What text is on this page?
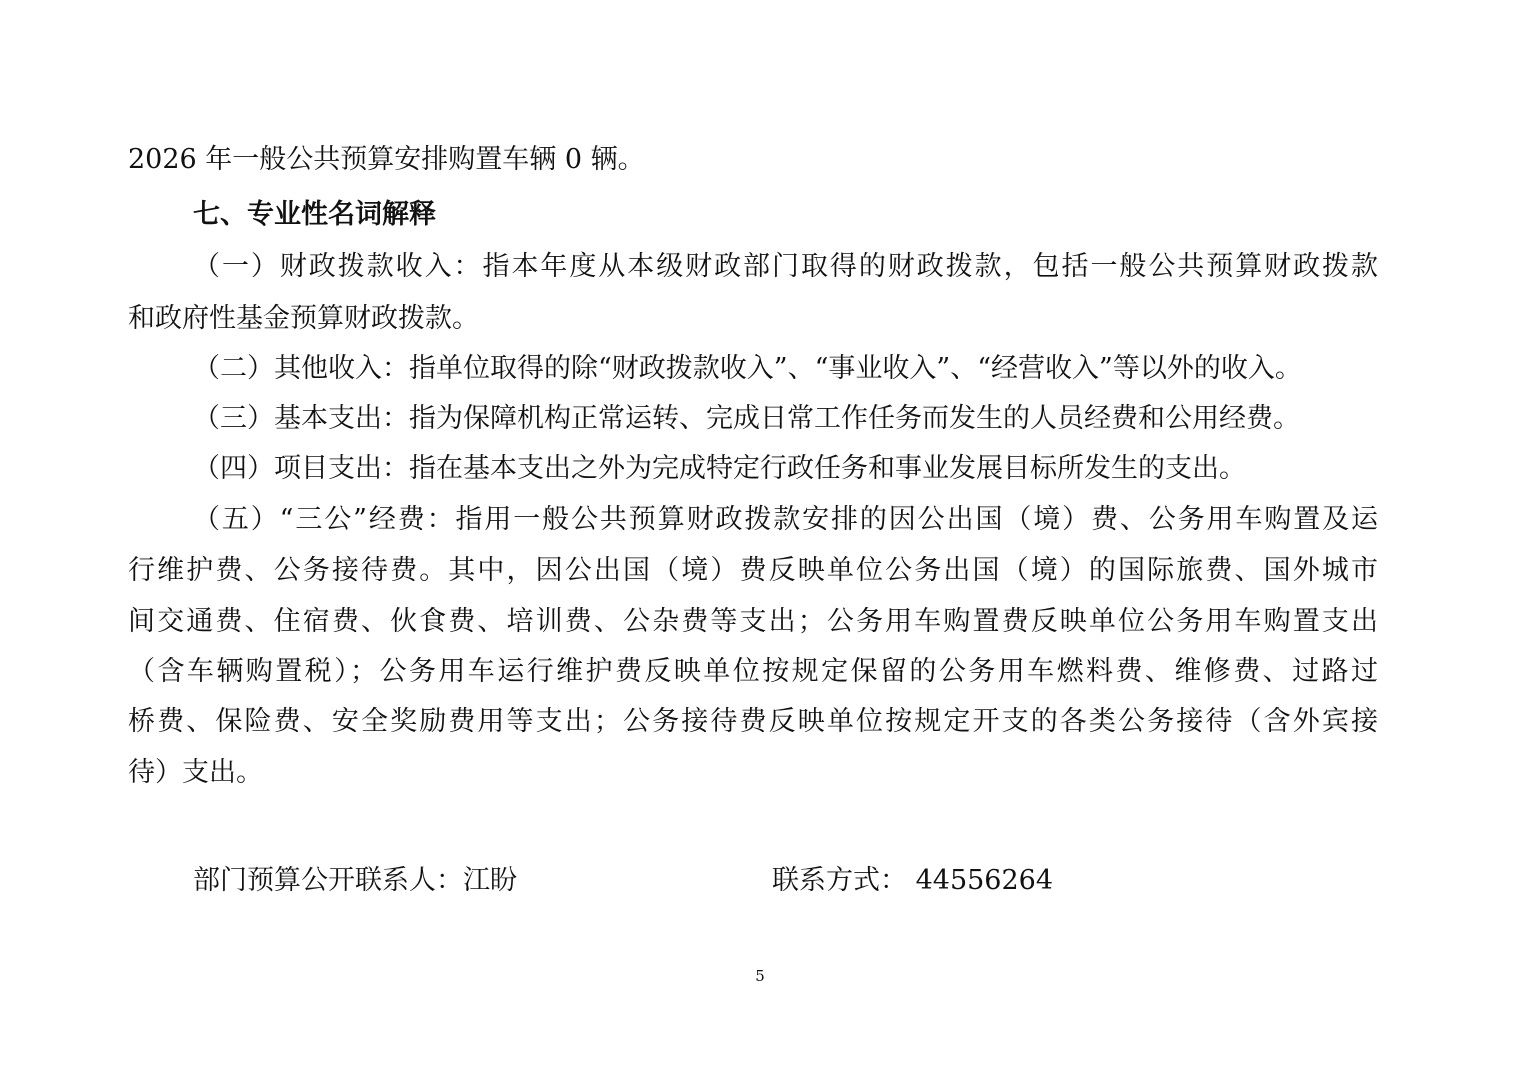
2026 年一般公共预算安排购置车辆 0 辆。
七、专业性名词解释
（一）财政拨款收入：指本年度从本级财政部门取得的财政拨款，包括一般公共预算财政拨款
和政府性基金预算财政拨款。
（二）其他收入：指单位取得的除“财政拨款收入”、“事业收入”、“经营收入”等以外的收入。
（三）基本支出：指为保障机构正常运转、完成日常工作任务而发生的人员经费和公用经费。
（四）项目支出：指在基本支出之外为完成特定行政任务和事业发展目标所发生的支出。
（五）“三公”经费：指用一般公共预算财政拨款安排的因公出国（境）费、公务用车购置及运
行维护费、公务接待费。其中，因公出国（境）费反映单位公务出国（境）的国际旅费、国外城市
间交通费、住宿费、伙食费、培训费、公杂费等支出；公务用车购置费反映单位公务用车购置支出
（含车辆购置税）；公务用车运行维护费反映单位按规定保留的公务用车燃料费、维修费、过路过
桥费、保险费、安全奖励费用等支出；公务接待费反映单位按规定开支的各类公务接待（含外宾接
待）支出。
部门预算公开联系人：江盼	联系方式： 44556264
5
